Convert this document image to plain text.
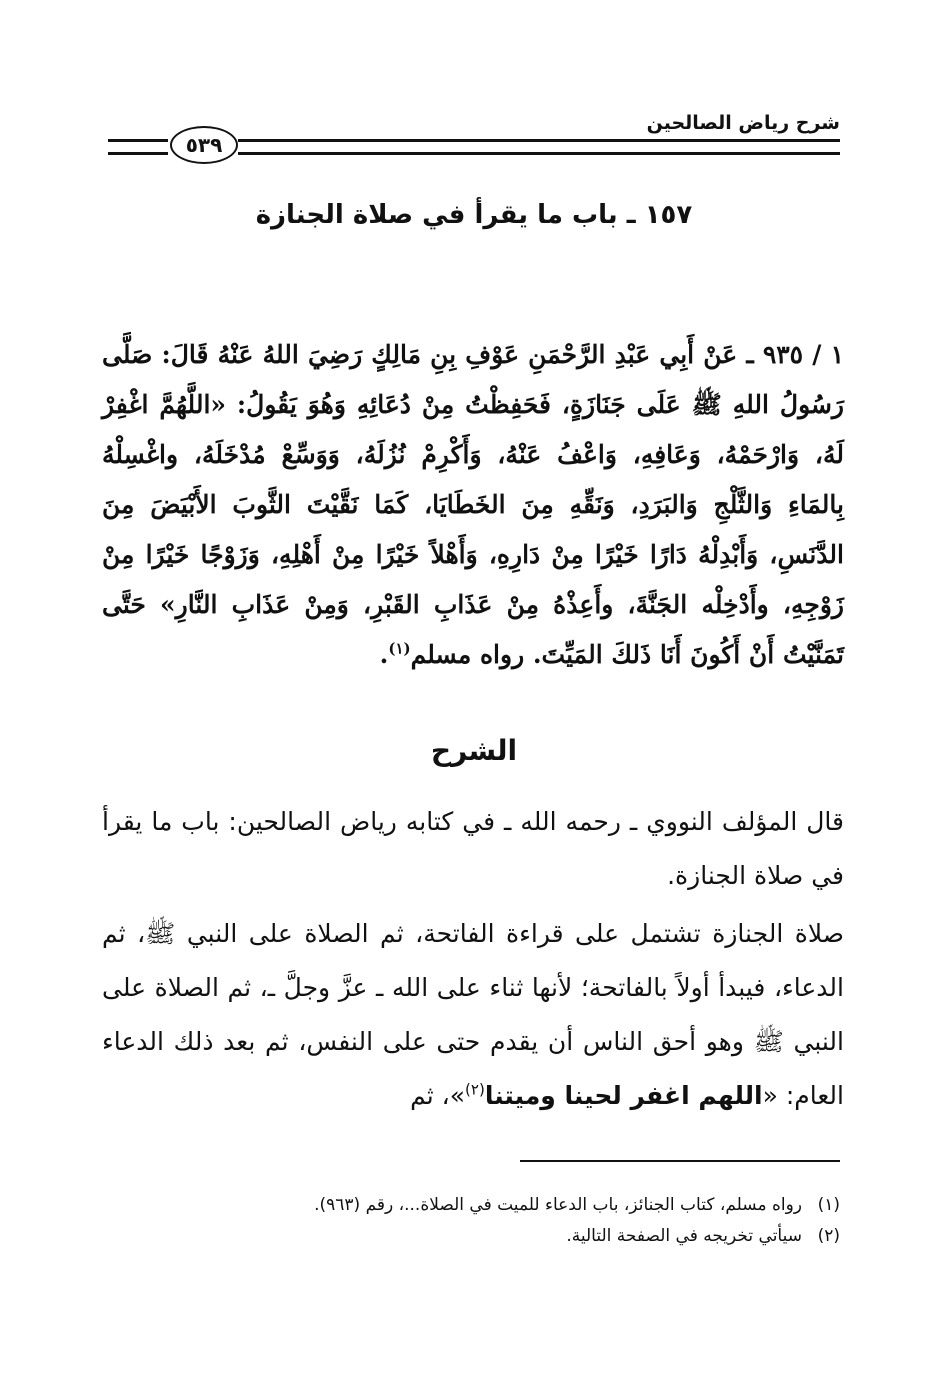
شرح رياض الصالحين
٥٣٩
١٥٧ ـ باب ما يقرأ في صلاة الجنازة
١ / ٩٣٥ ـ عَنْ أَبِي عَبْدِ الرَّحْمَنِ عَوْفِ بِنِ مَالِكٍ رَضِيَ اللهُ عَنْهُ قَالَ: صَلَّى رَسُولُ اللهِ ﷺ عَلَى جَنَازَةٍ، فَحَفِظْتُ مِنْ دُعَائِهِ وَهُوَ يَقُولُ: «اللَّهُمَّ اغْفِرْ لَهُ، وَارْحَمْهُ، وَعَافِهِ، وَاعْفُ عَنْهُ، وَأَكْرِمْ نُزُلَهُ، وَوَسِّعْ مُدْخَلَهُ، واغْسِلْهُ بِالمَاءِ وَالثَّلْجِ وَالبَرَدِ، وَنَقِّهِ مِنَ الخَطَايَا، كَمَا نَقَّيْتَ الثَّوبَ الأَبْيَضَ مِنَ الدَّنَسِ، وَأَبْدِلْهُ دَارًا خَيْرًا مِنْ دَارِهِ، وَأَهْلاً خَيْرًا مِنْ أَهْلِهِ، وَزَوْجًا خَيْرًا مِنْ زَوْجِهِ، وأَدْخِلْه الجَنَّةَ، وأَعِذْهُ مِنْ عَذَابِ القَبْرِ، وَمِنْ عَذَابِ النَّارِ» حَتَّى تَمَنَّيْتُ أَنْ أَكُونَ أَنَا ذَلكَ المَيِّتَ. رواه مسلم$^{(١)}$.
الشرح

قال المؤلف النووي ـ رحمه الله ـ في كتابه رياض الصالحين: باب ما يقرأ في صلاة الجنازة.

صلاة الجنازة تشتمل على قراءة الفاتحة، ثم الصلاة على النبي ﷺ، ثم الدعاء، فيبدأ أولاً بالفاتحة؛ لأنها ثناء على الله ـ عزَّ وجلَّ ـ، ثم الصلاة على النبي ﷺ وهو أحق الناس أن يقدم حتى على النفس، ثم بعد ذلك الدعاء العام: «اللهم اغفر لحينا وميتنا$^{(٢)}$»، ثم

(١)رواه مسلم، كتاب الجنائز، باب الدعاء للميت في الصلاة...، رقم (٩٦٣).
(٢)سيأتي تخريجه في الصفحة التالية.
